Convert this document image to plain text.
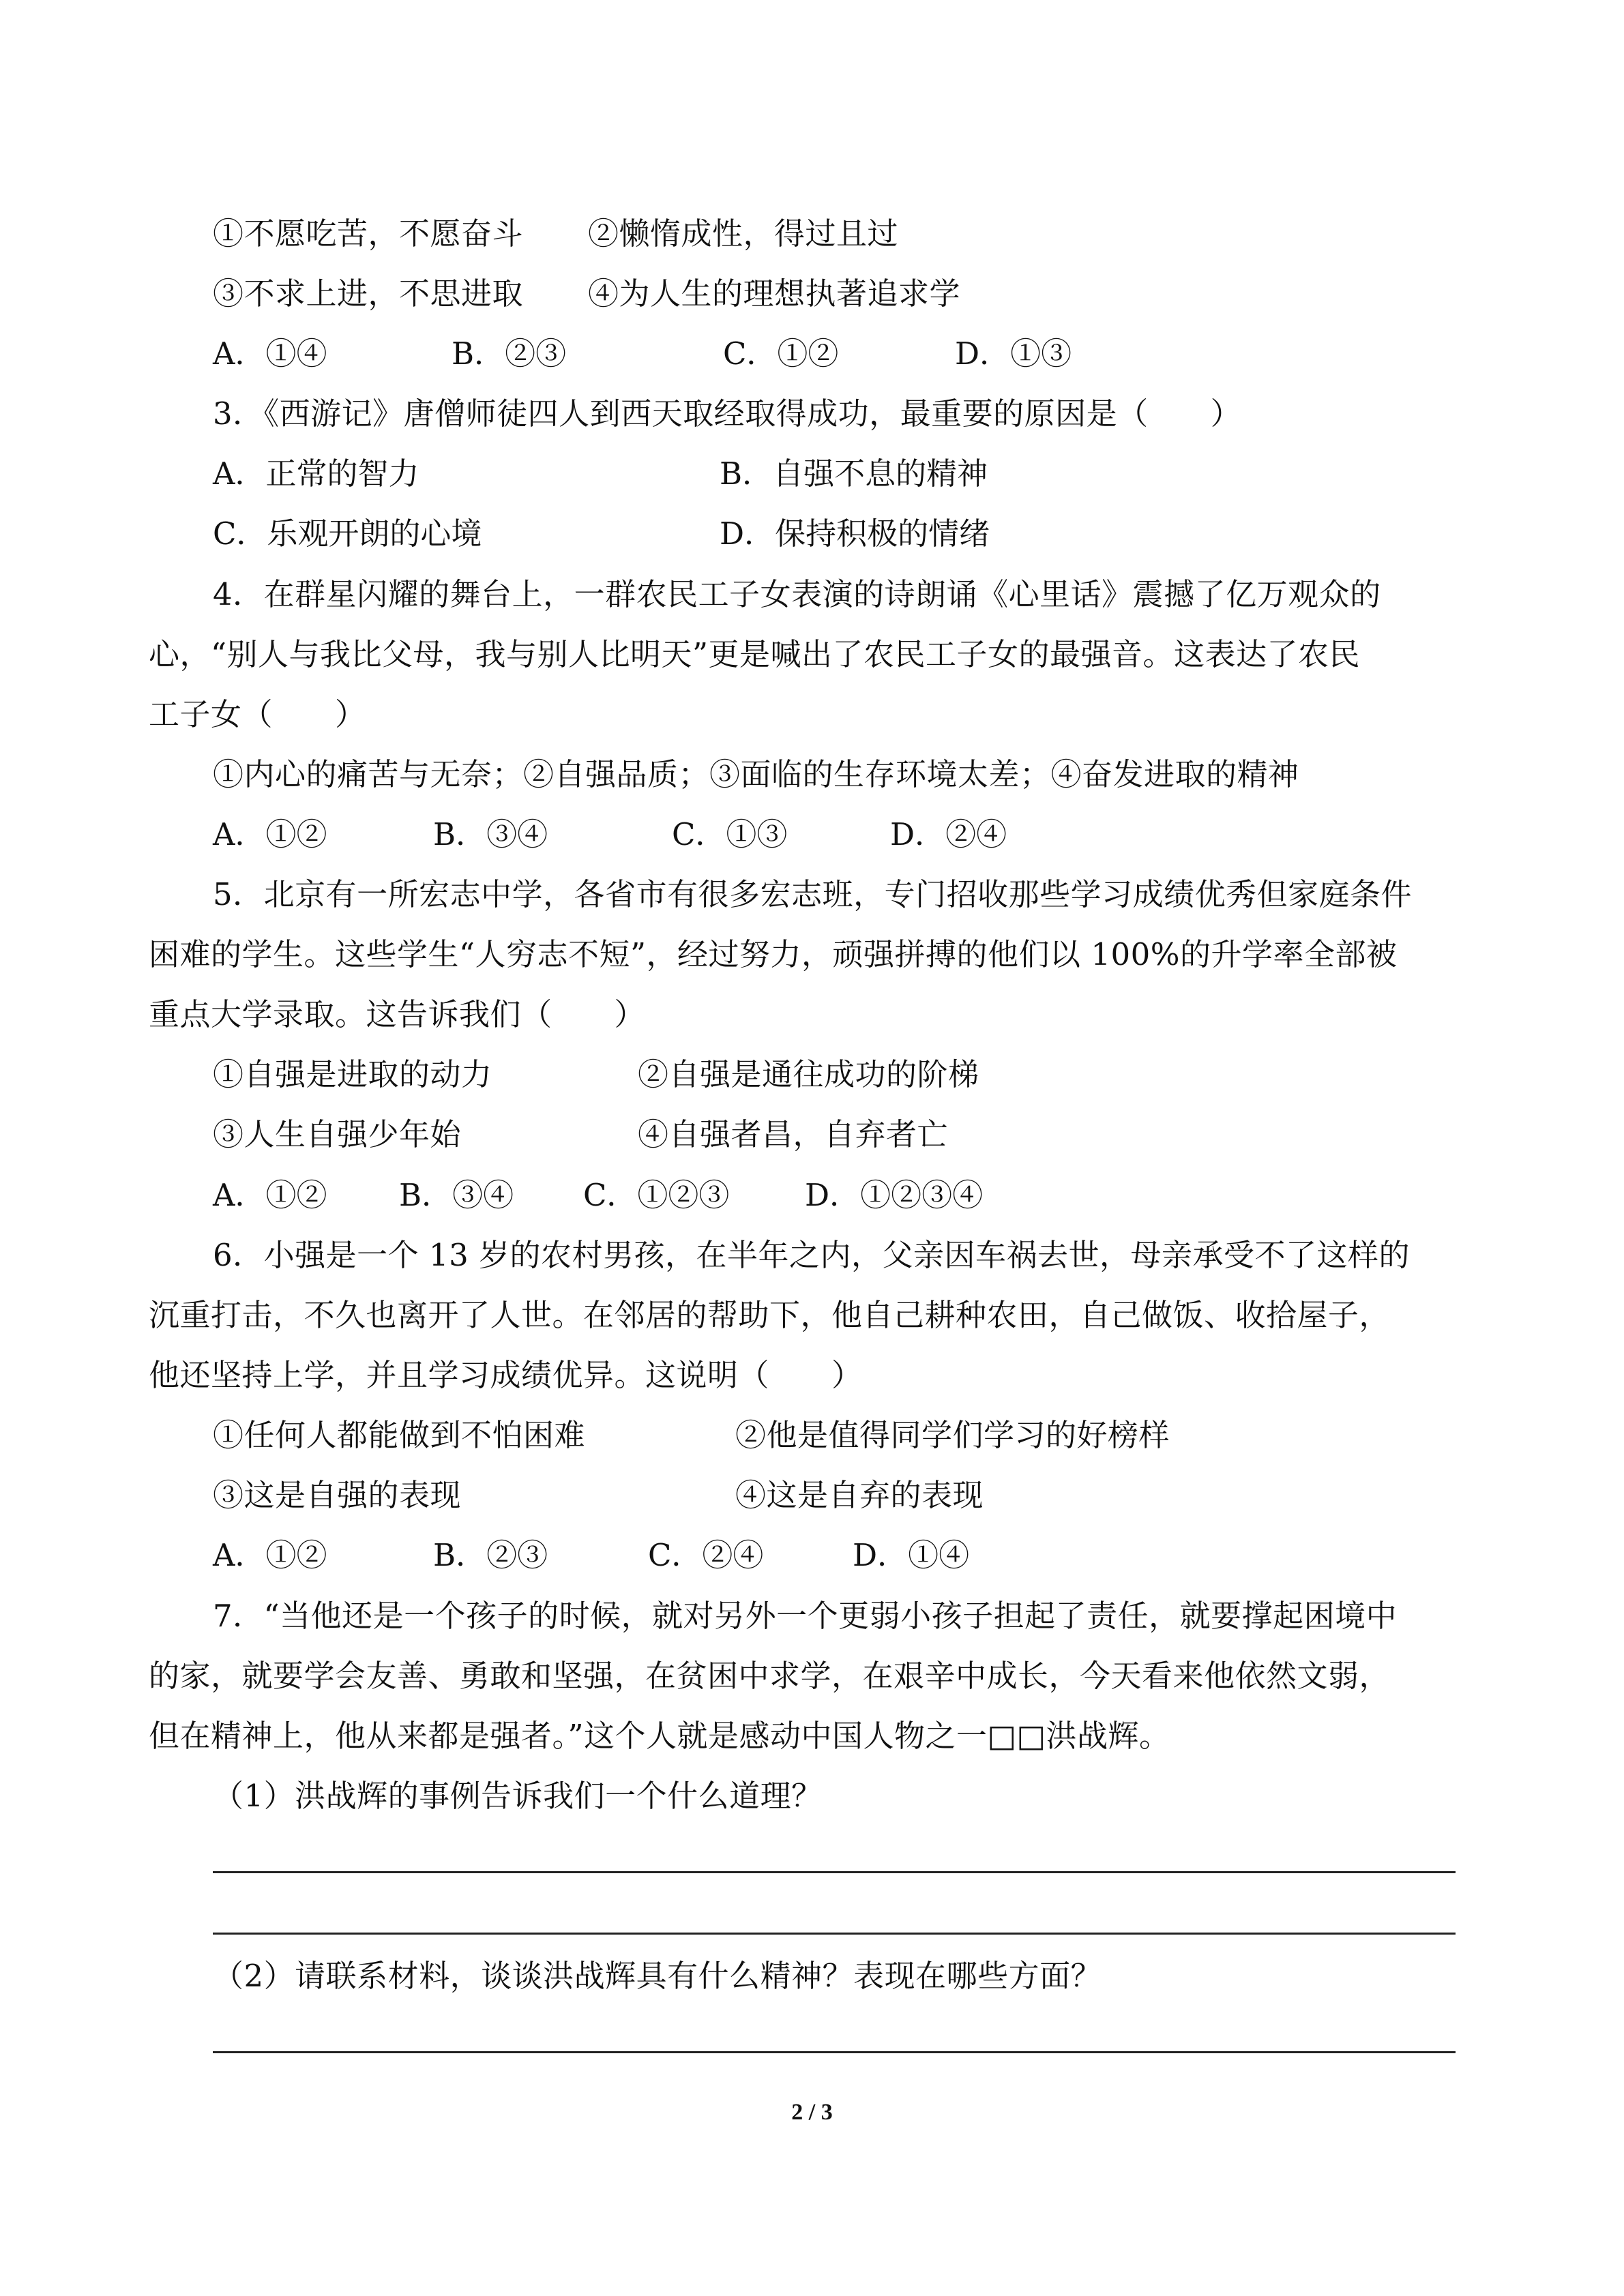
①不愿吃苦，不愿奋斗 ②懒惰成性，得过且过
③不求上进，不思进取 ④为人生的理想执著追求学
A．①④	B．②③	C．①②	D．①③
3．《西游记》唐僧师徒四人到西天取经取得成功，最重要的原因是（　　）
A．正常的智力	B．自强不息的精神
C．乐观开朗的心境	D．保持积极的情绪
4．在群星闪耀的舞台上，一群农民工子女表演的诗朗诵《心里话》震撼了亿万观众的
心，“别人与我比父母，我与别人比明天”更是喊出了农民工子女的最强音。这表达了农民
工子女（　　）
①内心的痛苦与无奈；②自强品质；③面临的生存环境太差；④奋发进取的精神
A．①②	B．③④	C．①③	D．②④
5．北京有一所宏志中学，各省市有很多宏志班，专门招收那些学习成绩优秀但家庭条件
困难的学生。这些学生“人穷志不短”，经过努力，顽强拼搏的他们以 100%的升学率全部被
重点大学录取。这告诉我们（　　）
①自强是进取的动力	②自强是通往成功的阶梯
③人生自强少年始	④自强者昌，自弃者亡
A．①② B．③④ C．①②③ D．①②③④
6．小强是一个 13 岁的农村男孩，在半年之内，父亲因车祸去世，母亲承受不了这样的
沉重打击，不久也离开了人世。在邻居的帮助下，他自己耕种农田，自己做饭、收拾屋子，
他还坚持上学，并且学习成绩优异。这说明（　　）
①任何人都能做到不怕困难	②他是值得同学们学习的好榜样
③这是自强的表现	④这是自弃的表现
A．①②	B．②③	C．②④	D．①④
7．“当他还是一个孩子的时候，就对另外一个更弱小孩子担起了责任，就要撑起困境中
的家，就要学会友善、勇敢和坚强，在贫困中求学，在艰辛中成长，今天看来他依然文弱，
但在精神上，他从来都是强者。”这个人就是感动中国人物之一□□洪战辉。
（1）洪战辉的事例告诉我们一个什么道理？
（2）请联系材料，谈谈洪战辉具有什么精神？表现在哪些方面？
2 / 3
